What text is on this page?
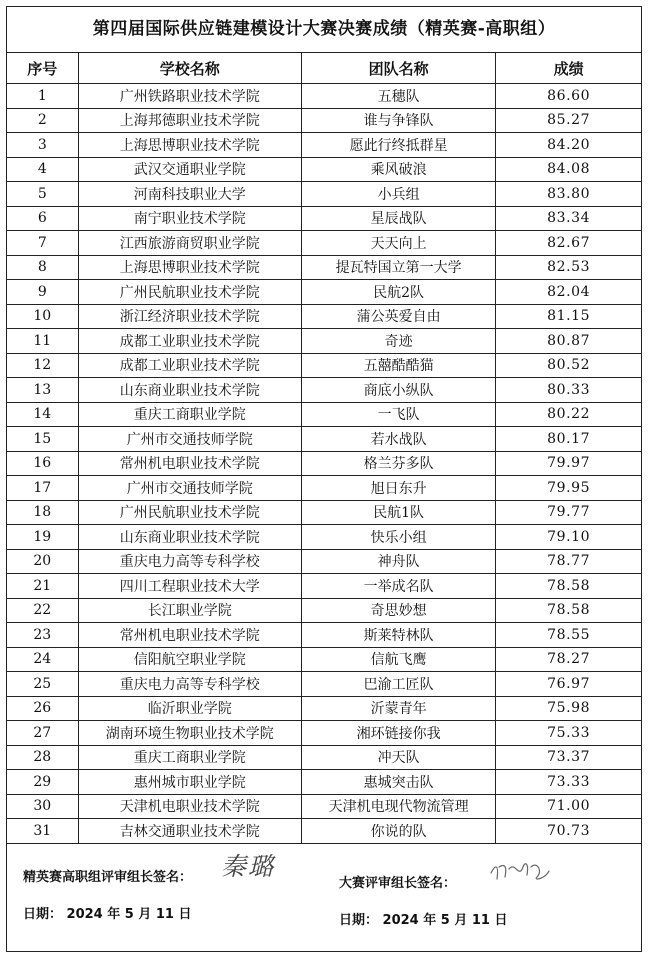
第四届国际供应链建模设计大赛决赛成绩（精英赛-高职组）
序号	学校名称	团队名称	成绩
1	广州铁路职业技术学院	五穗队	86.60
2	上海邦德职业技术学院	谁与争锋队	85.27
3	上海思博职业技术学院	愿此行终抵群星	84.20
4	武汉交通职业学院	乘风破浪	84.08
5	河南科技职业大学	小兵组	83.80
6	南宁职业技术学院	星辰战队	83.34
7	江西旅游商贸职业学院	天天向上	82.67
8	上海思博职业技术学院	提瓦特国立第一大学	82.53
9	广州民航职业技术学院	民航2队	82.04
10	浙江经济职业技术学院	蒲公英爱自由	81.15
11	成都工业职业技术学院	奇迹	80.87
12	成都工业职业技术学院	五囍酷酷猫	80.52
13	山东商业职业技术学院	商底小纵队	80.33
14	重庆工商职业学院	一飞队	80.22
15	广州市交通技师学院	若水战队	80.17
16	常州机电职业技术学院	格兰芬多队	79.97
17	广州市交通技师学院	旭日东升	79.95
18	广州民航职业技术学院	民航1队	79.77
19	山东商业职业技术学院	快乐小组	79.10
20	重庆电力高等专科学校	神舟队	78.77
21	四川工程职业技术大学	一举成名队	78.58
22	长江职业学院	奇思妙想	78.58
23	常州机电职业技术学院	斯莱特林队	78.55
24	信阳航空职业学院	信航飞鹰	78.27
25	重庆电力高等专科学校	巴渝工匠队	76.97
26	临沂职业学院	沂蒙青年	75.98
27	湖南环境生物职业技术学院	湘环链接你我	75.33
28	重庆工商职业学院	冲天队	73.37
29	惠州城市职业学院	惠城突击队	73.33
30	天津机电职业技术学院	天津机电现代物流管理	71.00
31	吉林交通职业技术学院	你说的队	70.73
精英赛高职组评审组长签名： 秦璐
日期： 2024 年 5 月 11 日
大赛评审组长签名：
日期： 2024 年 5 月 11 日
